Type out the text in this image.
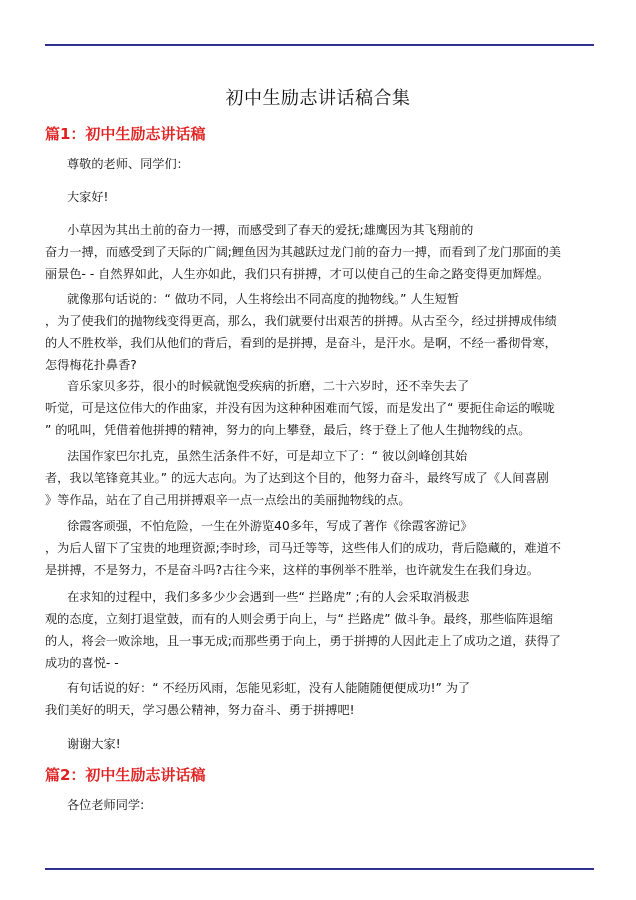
初中生励志讲话稿合集
篇1：初中生励志讲话稿
尊敬的老师、同学们：
大家好!
小草因为其出土前的奋力一搏，而感受到了春天的爱抚;雄鹰因为其飞翔前的
奋力一搏，而感受到了天际的广阔;鲤鱼因为其越跃过龙门前的奋力一搏，而看到了龙门那面的美
丽景色- - 自然界如此，人生亦如此，我们只有拼搏，才可以使自己的生命之路变得更加辉煌。
就像那句话说的：“ 做功不同，人生将绘出不同高度的抛物线。” 人生短暂
，为了使我们的抛物线变得更高，那么，我们就要付出艰苦的拼搏。从古至今，经过拼搏成伟绩
的人不胜枚举，我们从他们的背后，看到的是拼搏，是奋斗，是汗水。是啊，不经一番彻骨寒，
怎得梅花扑鼻香?
音乐家贝多芬，很小的时候就饱受疾病的折磨，二十六岁时，还不幸失去了
听觉，可是这位伟大的作曲家，并没有因为这种种困难而气馁，而是发出了“ 要扼住命运的喉咙
” 的吼叫，凭借着他拼搏的精神，努力的向上攀登，最后，终于登上了他人生抛物线的点。
法国作家巴尔扎克，虽然生活条件不好，可是却立下了：“ 彼以剑峰创其始
者，我以笔锋竟其业。” 的远大志向。为了达到这个目的，他努力奋斗，最终写成了《人间喜剧
》等作品，站在了自己用拼搏艰辛一点一点绘出的美丽抛物线的点。
徐霞客顽强，不怕危险，一生在外游览40多年，写成了著作《徐霞客游记》
，为后人留下了宝贵的地理资源;李时珍，司马迁等等，这些伟人们的成功，背后隐藏的，难道不
是拼搏，不是努力，不是奋斗吗?古往今来，这样的事例举不胜举，也许就发生在我们身边。
在求知的过程中，我们多多少少会遇到一些“ 拦路虎” ;有的人会采取消极悲
观的态度，立刻打退堂鼓，而有的人则会勇于向上，与“ 拦路虎” 做斗争。最终，那些临阵退缩
的人，将会一败涂地，且一事无成;而那些勇于向上，勇于拼搏的人因此走上了成功之道，获得了
成功的喜悦- -
有句话说的好：“ 不经历风雨，怎能见彩虹，没有人能随随便便成功!” 为了
我们美好的明天，学习愚公精神，努力奋斗、勇于拼搏吧!
谢谢大家!
篇2：初中生励志讲话稿
各位老师同学:
